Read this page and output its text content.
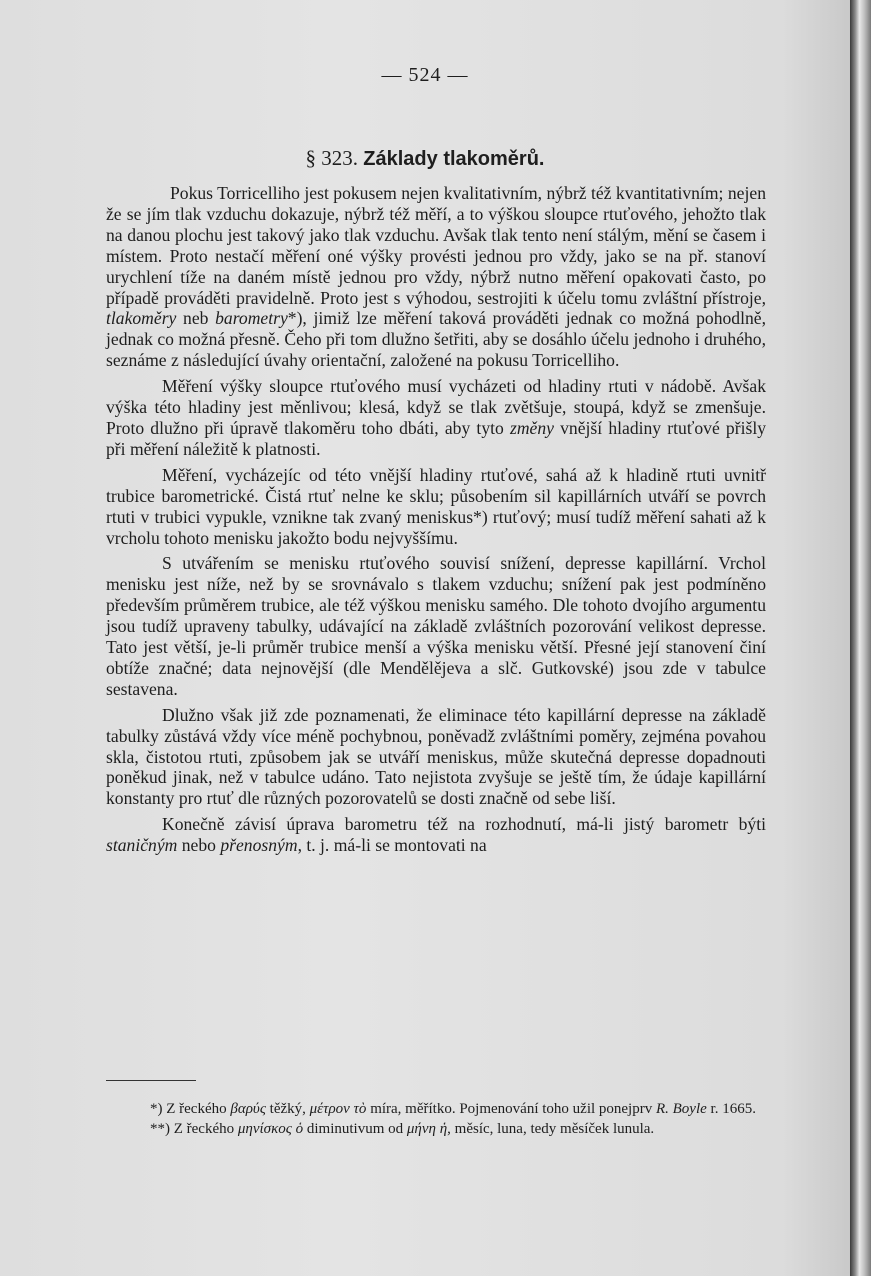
— 524 —
§ 323. Základy tlakoměrů.

Pokus Torricelliho jest pokusem nejen kvalitativním, nýbrž též kvantitativním; nejen že se jím tlak vzduchu dokazuje, nýbrž též měří, a to výškou sloupce rtuťového, jehožto tlak na danou plochu jest takový jako tlak vzduchu. Avšak tlak tento není stálým, mění se časem i místem. Proto nestačí měření oné výšky provésti jednou pro vždy, jako se na př. stanoví urychlení tíže na daném místě jednou pro vždy, nýbrž nutno měření opakovati často, po případě prováděti pravidelně. Proto jest s výhodou, sestrojiti k účelu tomu zvláštní přístroje, tlakoměry neb barometry*), jimiž lze měření taková prováděti jednak co možná pohodlně, jednak co možná přesně. Čeho při tom dlužno šetřiti, aby se dosáhlo účelu jednoho i druhého, seznáme z následující úvahy orientační, založené na pokusu Torricelliho.

Měření výšky sloupce rtuťového musí vycházeti od hladiny rtuti v nádobě. Avšak výška této hladiny jest měnlivou; klesá, když se tlak zvětšuje, stoupá, když se zmenšuje. Proto dlužno při úpravě tlakoměru toho dbáti, aby tyto změny vnější hladiny rtuťové přišly při měření náležitě k platnosti.

Měření, vycházejíc od této vnější hladiny rtuťové, sahá až k hladině rtuti uvnitř trubice barometrické. Čistá rtuť nelne ke sklu; působením sil kapillárních utváří se povrch rtuti v trubici vypukle, vznikne tak zvaný meniskus*) rtuťový; musí tudíž měření sahati až k vrcholu tohoto menisku jakožto bodu nejvyššímu.

S utvářením se menisku rtuťového souvisí snížení, depresse kapillární. Vrchol menisku jest níže, než by se srovnávalo s tlakem vzduchu; snížení pak jest podmíněno především průměrem trubice, ale též výškou menisku samého. Dle tohoto dvojího argumentu jsou tudíž upraveny tabulky, udávající na základě zvláštních pozorování velikost depresse. Tato jest větší, je-li průměr trubice menší a výška menisku větší. Přesné její stanovení činí obtíže značné; data nejnovější (dle Mendělějeva a slč. Gutkovské) jsou zde v tabulce sestavena.

Dlužno však již zde poznamenati, že eliminace této kapillární depresse na základě tabulky zůstává vždy více méně pochybnou, poněvadž zvláštními poměry, zejména povahou skla, čistotou rtuti, způsobem jak se utváří meniskus, může skutečná depresse dopadnouti poněkud jinak, než v tabulce udáno. Tato nejistota zvyšuje se ještě tím, že údaje kapillární konstanty pro rtuť dle různých pozorovatelů se dosti značně od sebe liší.

Konečně závisí úprava barometru též na rozhodnutí, má-li jistý barometr býti staničným nebo přenosným, t. j. má-li se montovati na

*) Z řeckého βαρύς těžký, μέτρον τὸ míra, měřítko. Pojmenování toho užil ponejprv R. Boyle r. 1665.

**) Z řeckého μηνίσκος ὁ diminutivum od μήνη ἡ, měsíc, luna, tedy měsíček lunula.
